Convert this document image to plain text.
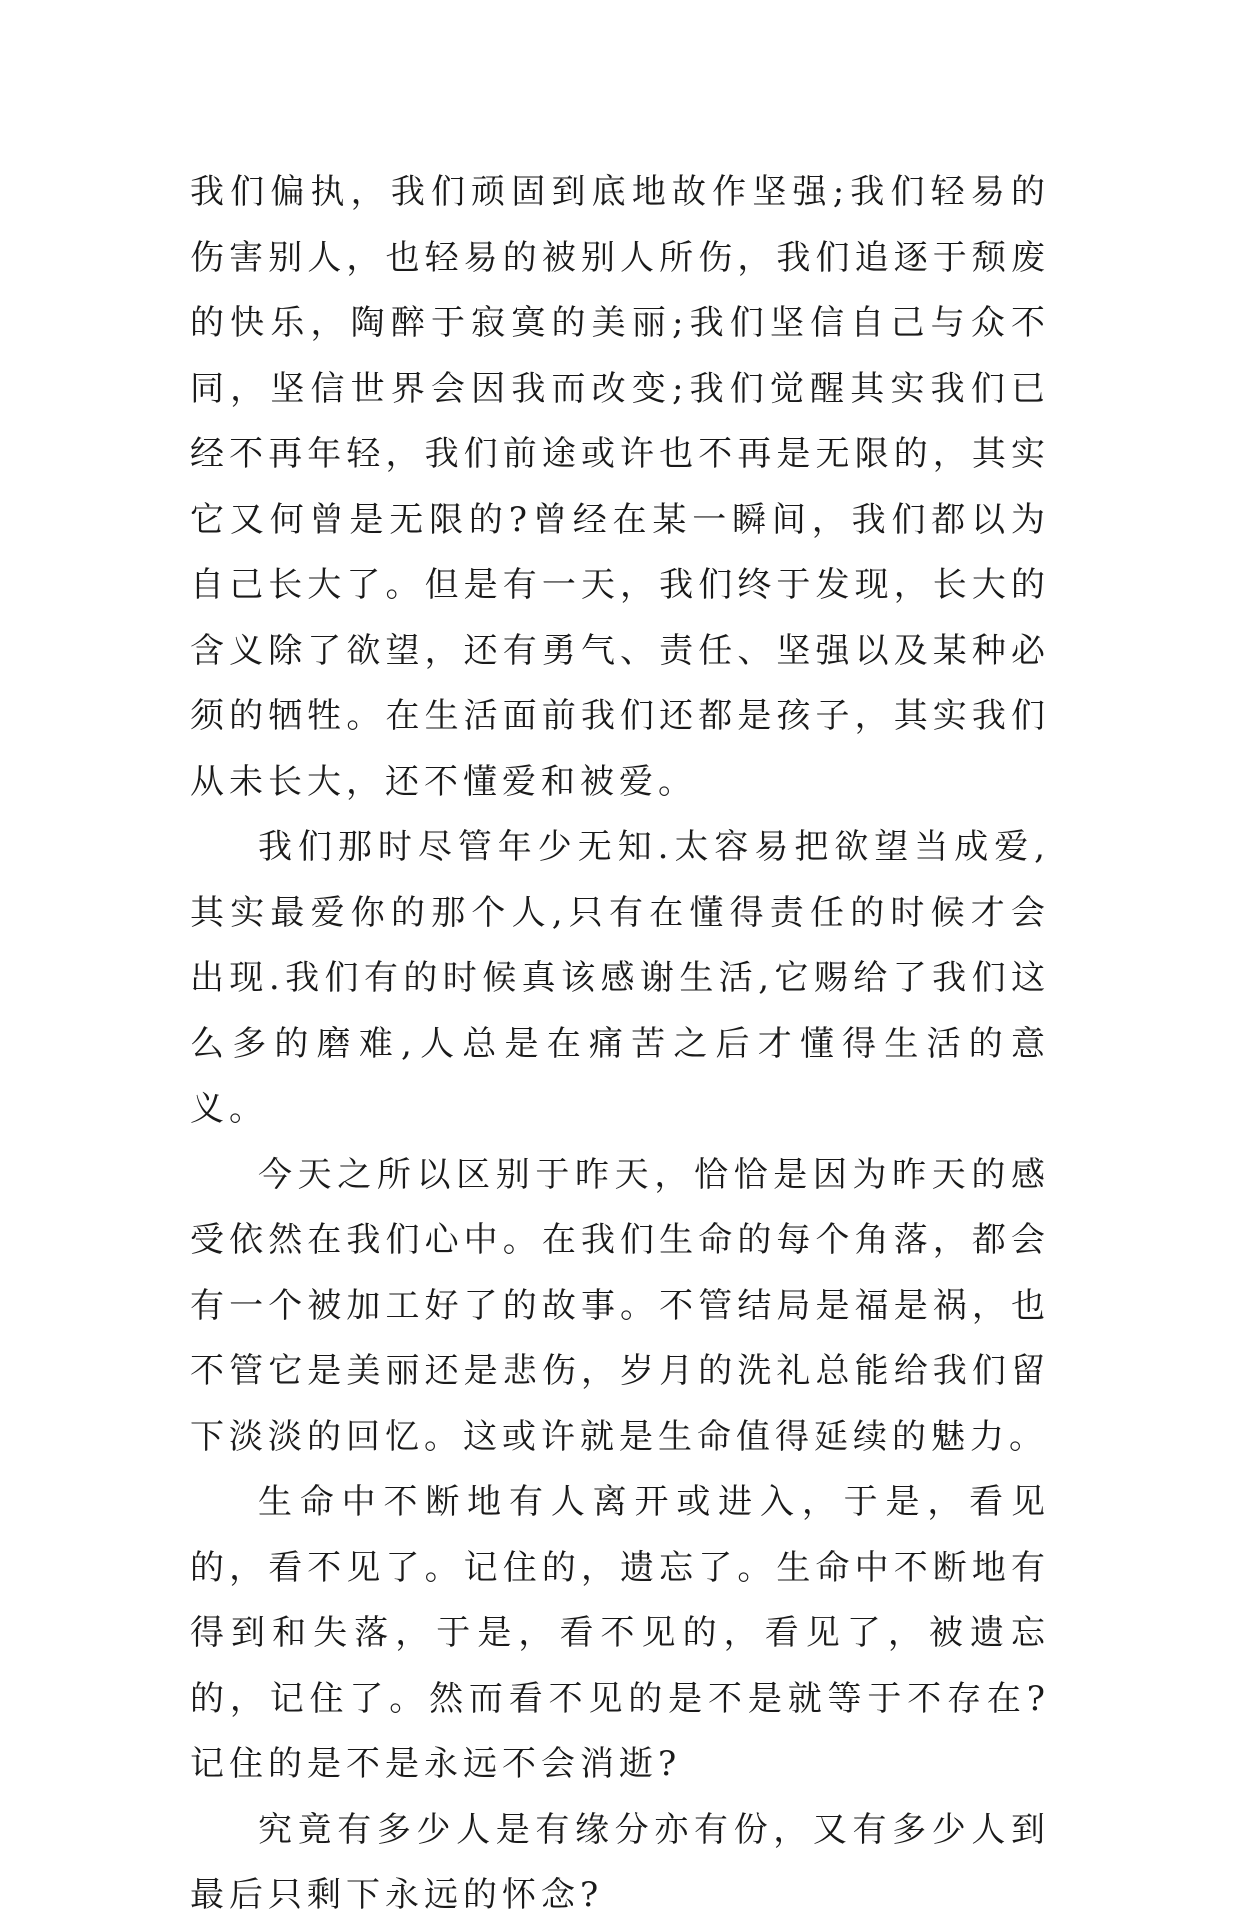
我们偏执，我们顽固到底地故作坚强;我们轻易的伤害别人，也轻易的被别人所伤，我们追逐于颓废的快乐，陶醉于寂寞的美丽;我们坚信自己与众不同，坚信世界会因我而改变;我们觉醒其实我们已经不再年轻，我们前途或许也不再是无限的，其实它又何曾是无限的?曾经在某一瞬间，我们都以为自己长大了。但是有一天，我们终于发现，长大的含义除了欲望，还有勇气、责任、坚强以及某种必须的牺牲。在生活面前我们还都是孩子，其实我们从未长大，还不懂爱和被爱。

我们那时尽管年少无知.太容易把欲望当成爱,其实最爱你的那个人,只有在懂得责任的时候才会出现.我们有的时候真该感谢生活,它赐给了我们这么多的磨难,人总是在痛苦之后才懂得生活的意义。

今天之所以区别于昨天，恰恰是因为昨天的感受依然在我们心中。在我们生命的每个角落，都会有一个被加工好了的故事。不管结局是福是祸，也不管它是美丽还是悲伤，岁月的洗礼总能给我们留下淡淡的回忆。这或许就是生命值得延续的魅力。

生命中不断地有人离开或进入，于是，看见的，看不见了。记住的，遗忘了。生命中不断地有得到和失落，于是，看不见的，看见了，被遗忘的，记住了。然而看不见的是不是就等于不存在?记住的是不是永远不会消逝?

究竟有多少人是有缘分亦有份，又有多少人到最后只剩下永远的怀念?
